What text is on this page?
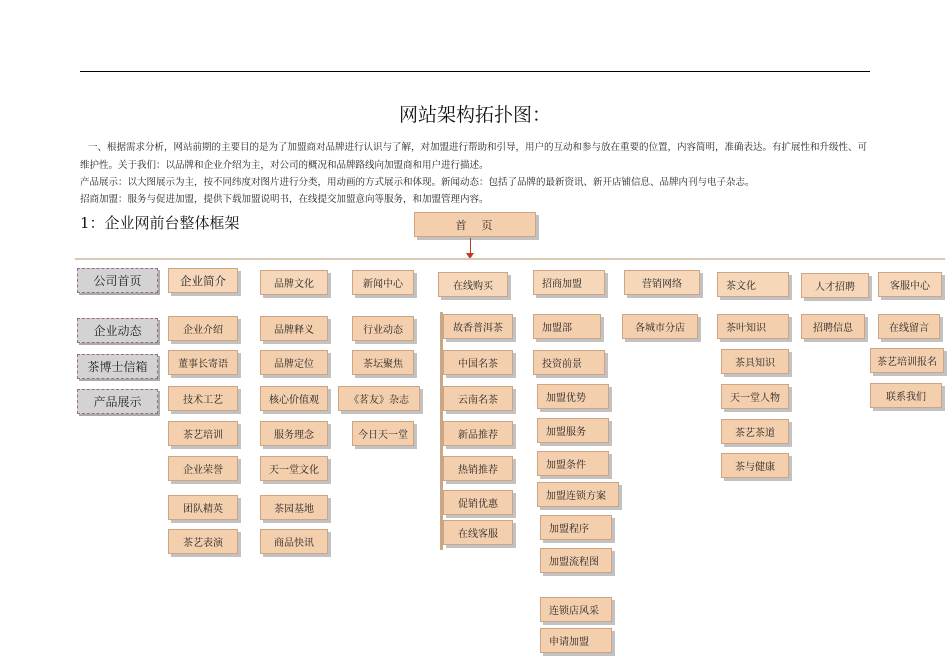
网站架构拓扑图：
一、根据需求分析，网站前期的主要目的是为了加盟商对品牌进行认识与了解，对加盟进行帮助和引导，用户的互动和参与放在重要的位置，内容简明，准确表达。有扩展性和升级性、可维护性。关于我们：以品牌和企业介绍为主，对公司的概况和品牌路线向加盟商和用户进行描述。
产品展示：以大图展示为主，按不同纬度对图片进行分类，用动画的方式展示和体现。新闻动态：包括了品牌的最新资讯、新开店铺信息、品牌内刊与电子杂志。
招商加盟：服务与促进加盟，提供下载加盟说明书，在线提交加盟意向等服务，和加盟管理内容。
1：企业网前台整体框架	首　页
公司首页
企业动态
茶博士信箱
产品展示
企业简介
企业介绍
董事长寄语
技术工艺
茶艺培训
企业荣誉
团队精英
茶艺表演
品牌文化
品牌释义
品牌定位
核心价值观
服务理念
天一堂文化
茶园基地
商品快讯
新闻中心
行业动态
茶坛聚焦
《茗友》杂志
今日天一堂
在线购买
故香普洱茶
中国名茶
云南名茶
新品推荐
热销推荐
促销优惠
在线客服
招商加盟
加盟部
投资前景
加盟优势
加盟服务
加盟条件
加盟连锁方案
加盟程序
加盟流程图
连锁店风采
申请加盟
营销网络
各城市分店
茶文化
茶叶知识
茶具知识
天一堂人物
茶艺茶道
茶与健康
人才招聘
招聘信息
客服中心
在线留言
茶艺培训报名
联系我们
